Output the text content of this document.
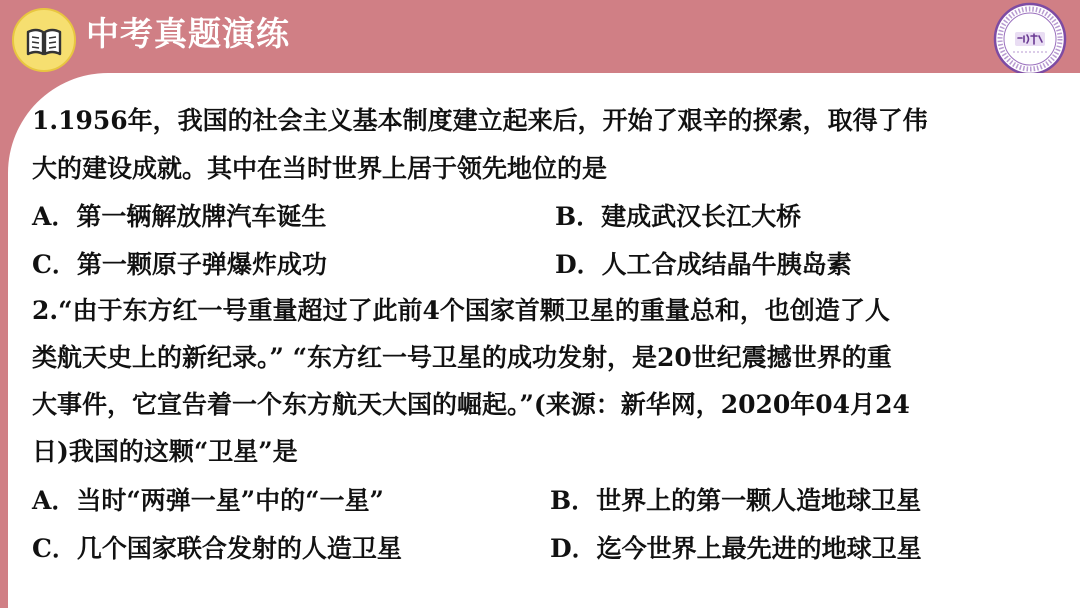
中考真题演练
1.1956年，我国的社会主义基本制度建立起来后，开始了艰辛的探索，取得了伟
大的建设成就。其中在当时世界上居于领先地位的是
A．第一辆解放牌汽车诞生	B．建成武汉长江大桥
C．第一颗原子弹爆炸成功	D．人工合成结晶牛胰岛素
2.“由于东方红一号重量超过了此前4个国家首颗卫星的重量总和，也创造了人
类航天史上的新纪录。” “东方红一号卫星的成功发射，是20世纪震撼世界的重
大事件，它宣告着一个东方航天大国的崛起。”(来源：新华网，2020年04月24
日)我国的这颗“卫星”是
A．当时“两弹一星”中的“一星”	B．世界上的第一颗人造地球卫星
C．几个国家联合发射的人造卫星	D．迄今世界上最先进的地球卫星
